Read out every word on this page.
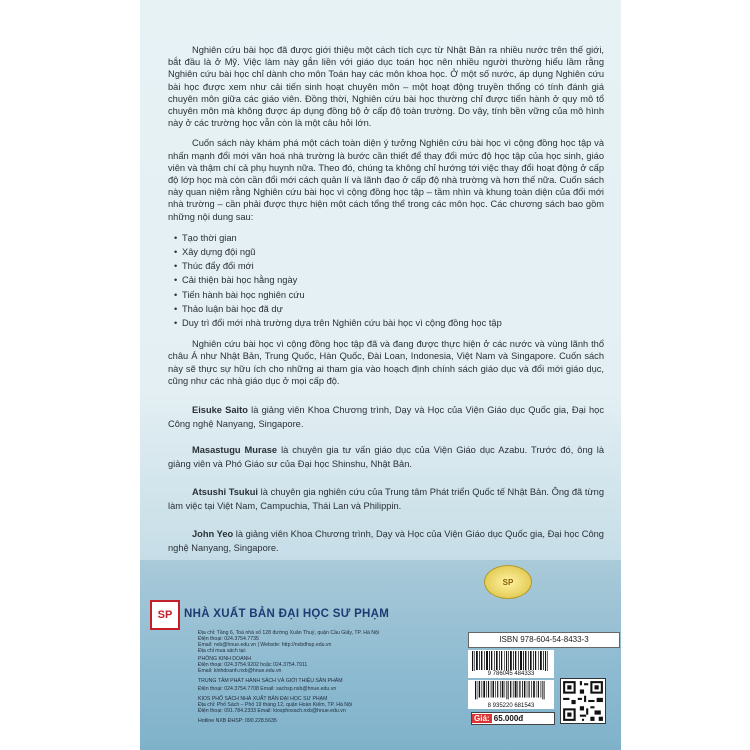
Nghiên cứu bài học đã được giới thiệu một cách tích cực từ Nhật Bản ra nhiều nước trên thế giới, bắt đầu là ở Mỹ. Việc làm này gắn liền với giáo dục toán học nên nhiều người thường hiểu lầm rằng Nghiên cứu bài học chỉ dành cho môn Toán hay các môn khoa học. Ở một số nước, áp dụng Nghiên cứu bài học được xem như cải tiến sinh hoạt chuyên môn – một hoạt động truyền thống có tính đánh giá chuyên môn giữa các giáo viên. Đồng thời, Nghiên cứu bài học thường chỉ được tiến hành ở quy mô tổ chuyên môn mà không được áp dụng đồng bộ ở cấp độ toàn trường. Do vậy, tính bền vững của mô hình này ở các trường học vẫn còn là một câu hỏi lớn.

Cuốn sách này khám phá một cách toàn diện ý tưởng Nghiên cứu bài học vì cộng đồng học tập và nhấn mạnh đổi mới văn hoá nhà trường là bước cần thiết để thay đổi mức độ học tập của học sinh, giáo viên và thậm chí cả phụ huynh nữa. Theo đó, chúng ta không chỉ hướng tới việc thay đổi hoạt động ở cấp độ lớp học mà còn cần đổi mới cách quản lí và lãnh đạo ở cấp độ nhà trường và hơn thế nữa. Cuốn sách này quan niệm rằng Nghiên cứu bài học vì cộng đồng học tập – tầm nhìn và khung toàn diện của đổi mới nhà trường – cần phải được thực hiện một cách tổng thể trong các môn học. Các chương sách bao gồm những nội dung sau:

• Tạo thời gian
• Xây dựng đội ngũ
• Thúc đẩy đổi mới
• Cải thiện bài học hằng ngày
• Tiến hành bài học nghiên cứu
• Thảo luận bài học đã dự
• Duy trì đổi mới nhà trường dựa trên Nghiên cứu bài học vì cộng đồng học tập

Nghiên cứu bài học vì cộng đồng học tập đã và đang được thực hiện ở các nước và vùng lãnh thổ châu Á như Nhật Bản, Trung Quốc, Hàn Quốc, Đài Loan, Indonesia, Việt Nam và Singapore. Cuốn sách này sẽ thực sự hữu ích cho những ai tham gia vào hoạch định chính sách giáo dục và đổi mới giáo dục, cũng như các nhà giáo dục ở mọi cấp độ.

Eisuke Saito là giảng viên Khoa Chương trình, Dạy và Học của Viện Giáo dục Quốc gia, Đại học Công nghệ Nanyang, Singapore.
Masastugu Murase là chuyên gia tư vấn giáo dục của Viện Giáo dục Azabu. Trước đó, ông là giảng viên và Phó Giáo sư của Đại học Shinshu, Nhật Bản.
Atsushi Tsukui là chuyên gia nghiên cứu của Trung tâm Phát triển Quốc tế Nhật Bản. Ông đã từng làm việc tại Việt Nam, Campuchia, Thái Lan và Philippin.
John Yeo là giảng viên Khoa Chương trình, Dạy và Học của Viện Giáo dục Quốc gia, Đại học Công nghệ Nanyang, Singapore.
SP
SP	NHÀ XUẤT BẢN ĐẠI HỌC SƯ PHẠM
Địa chỉ: Tầng 6, Toà nhà số 128 đường Xuân Thuỷ, quận Cầu Giấy, TP. Hà Nội
Điện thoại: 024.3754.7735
Email: nxb@hnue.edu.vn | Website: http://nxbdhsp.edu.vn
Địa chỉ mua sách tại:
PHÒNG KINH DOANH
Điện thoại: 024.3754.9202 hoặc 024.3754.7911
Email: kinhdoanh.nxb@hnue.edu.vn
TRUNG TÂM PHÁT HÀNH SÁCH VÀ GIỚI THIỆU SẢN PHẨM
Điện thoại: 024.3754.7708 Email: sachsp.nxb@hnue.edu.vn
KIOS PHỐ SÁCH NHÀ XUẤT BẢN ĐẠI HỌC SƯ PHẠM
Địa chỉ: Phố Sách – Phố 19 tháng 12, quận Hoàn Kiếm, TP. Hà Nội
Điện thoại: 091.784.2333 Email: kiosphosach.nxb@hnue.edu.vn
Hotline NXB ĐHSP: 090.228.5635
ISBN 978-604-54-8433-3
9 786045 484333
8 935220 681543
Giá: 65.000đ
